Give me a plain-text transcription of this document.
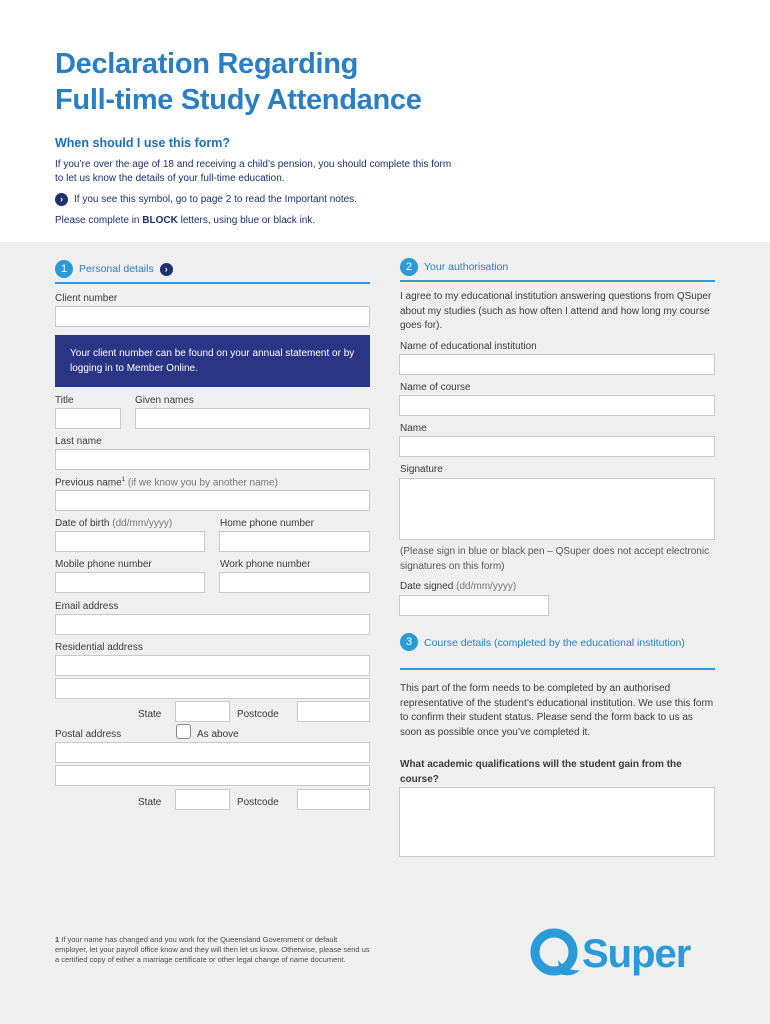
Declaration Regarding
Full-time Study Attendance
When should I use this form?
If you’re over the age of 18 and receiving a child’s pension, you should complete this form
to let us know the details of your full-time education.
›	If you see this symbol, go to page 2 to read the Important notes.
Please complete in BLOCK letters, using blue or black ink.
1	Personal details	›
Client number
Your client number can be found on your annual statement or by logging in to Member Online.
Title	Given names
Last name
Previous name$^1$ (if we know you by another name)
Date of birth (dd/mm/yyyy)	Home phone number
Mobile phone number	Work phone number
Email address
Residential address
State	Postcode
Postal address	As above
State	Postcode
2	Your authorisation
I agree to my educational institution answering questions from QSuper about my studies (such as how often I attend and how long my course goes for).
Name of educational institution
Name of course
Name
Signature
(Please sign in blue or black pen – QSuper does not accept electronic signatures on this form)
Date signed (dd/mm/yyyy)
3	Course details (completed by the educational institution)
This part of the form needs to be completed by an authorised representative of the student’s educational institution. We use this form to confirm their student status. Please send the form back to us as soon as possible once you’ve completed it.
What academic qualifications will the student gain from the course?
1 If your name has changed and you work for the Queensland Government or default employer, let your payroll office know and they will then let us know. Otherwise, please send us a certified copy of either a marriage certificate or other legal change of name document.	Super
